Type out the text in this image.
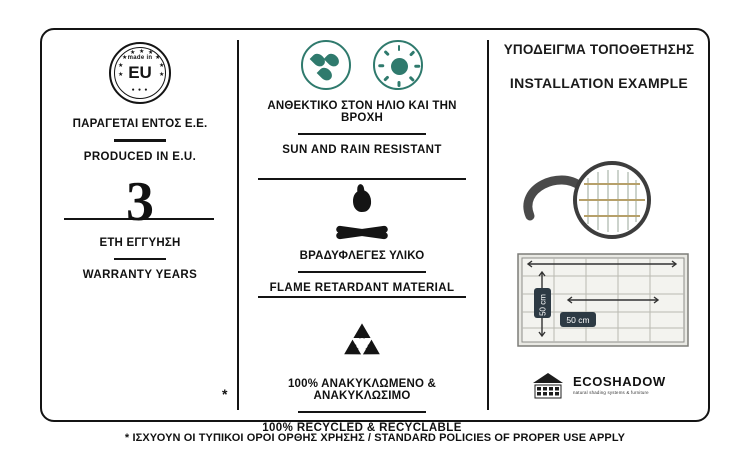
★
★ ★
★	★
★	★
★	★
made in
EU
● ● ●
ΠΑΡΑΓΕΤΑΙ ΕΝΤΟΣ Ε.Ε.
PRODUCED IN E.U.
3
ΕΤΗ ΕΓΓΥΗΣΗ
WARRANTY YEARS
ΑΝΘΕΚΤΙΚΟ ΣΤΟΝ ΗΛΙΟ ΚΑΙ ΤΗΝ ΒΡΟΧΗ
SUN AND RAIN RESISTANT
ΒΡΑΔΥΦΛΕΓΕΣ ΥΛΙΚΟ
FLAME RETARDANT MATERIAL
100% ΑΝΑΚΥΚΛΩΜΕΝΟ & ΑΝΑΚΥΚΛΩΣΙΜΟ
100% RECYCLED & RECYCLABLE
ΥΠΟΔΕΙΓΜΑ ΤΟΠΟΘΕΤΗΣΗΣ
INSTALLATION EXAMPLE
50 cm
50 cm
ECOSHADOW
natural shading systems & furniture
*
* ΙΣΧΥΟΥΝ ΟΙ ΤΥΠΙΚΟΙ ΟΡΟΙ ΟΡΘΗΣ ΧΡΗΣΗΣ / STANDARD POLICIES OF PROPER USE APPLY
